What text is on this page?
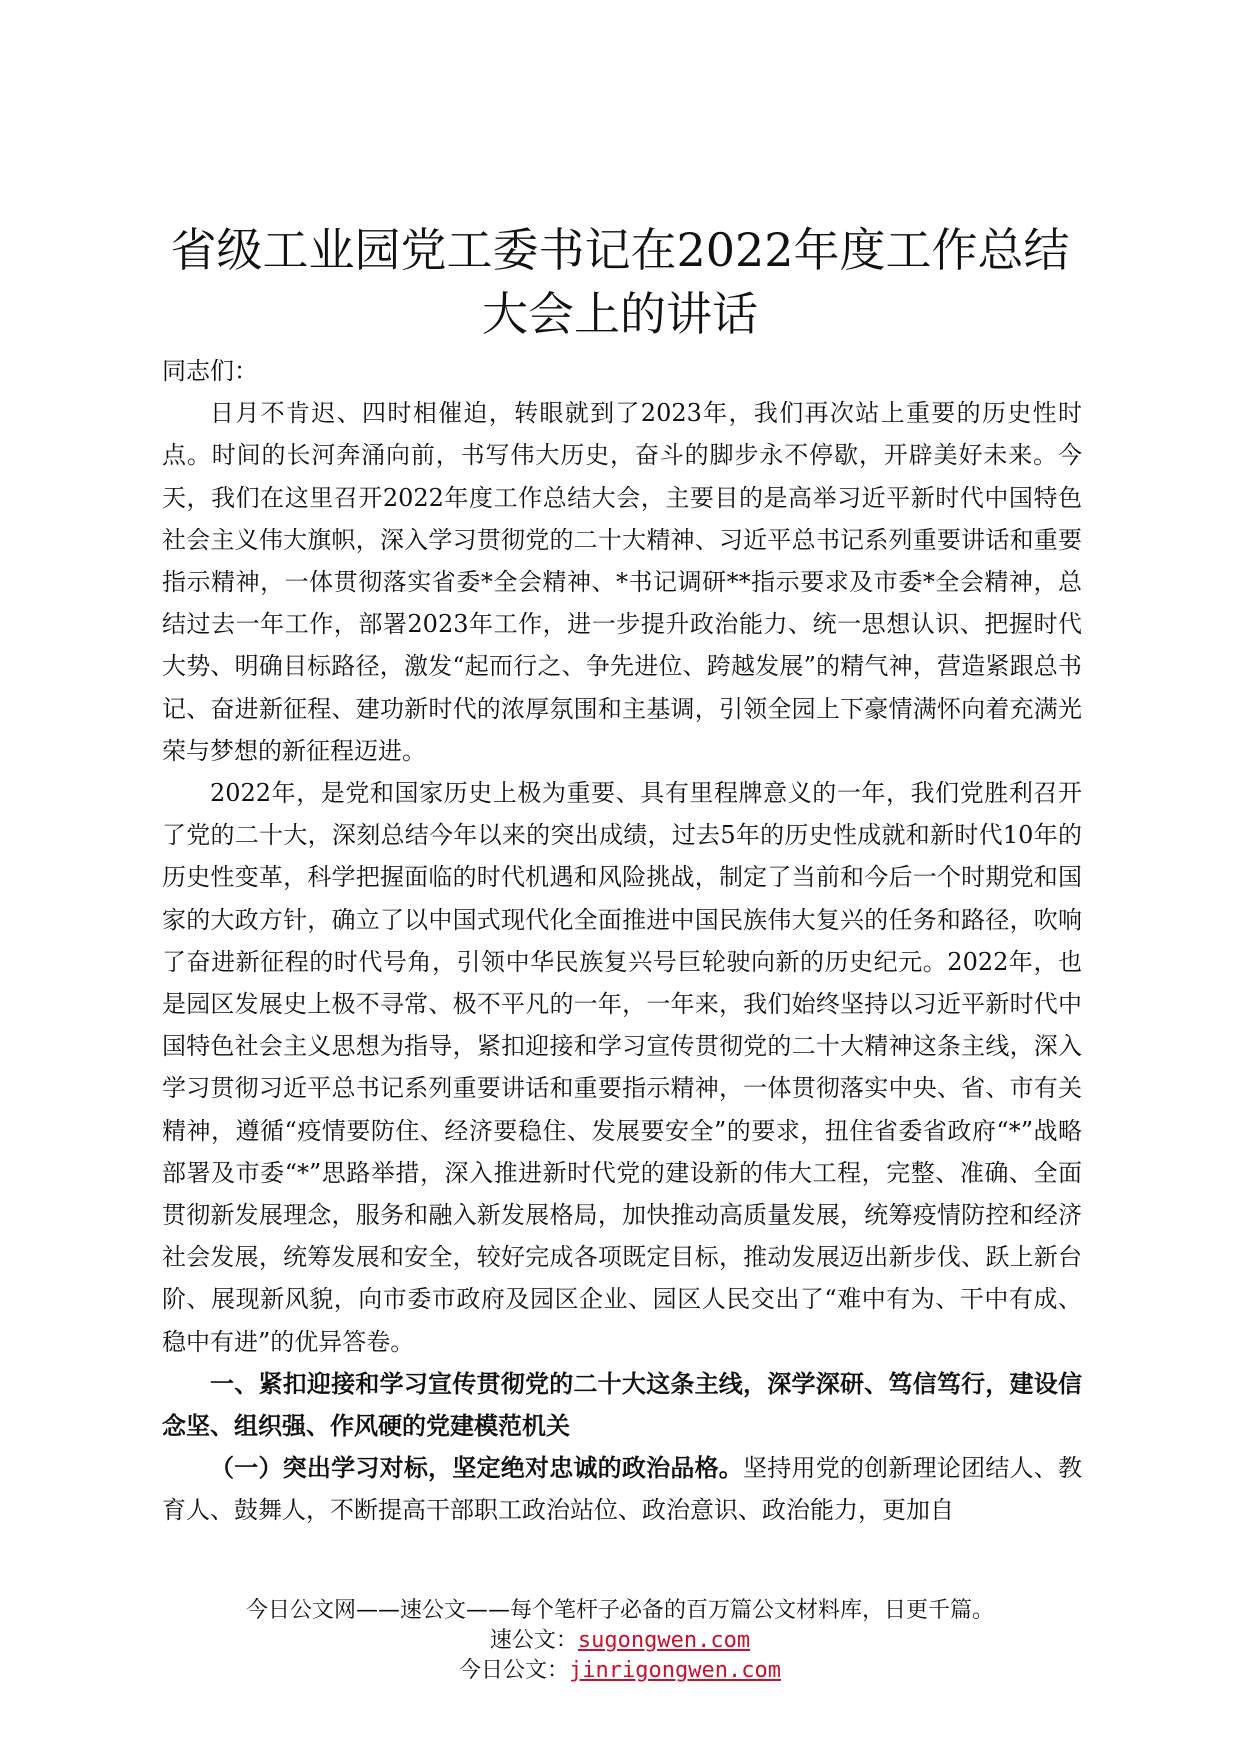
省级工业园党工委书记在2022年度工作总结
大会上的讲话

同志们：

日月不肯迟、四时相催迫，转眼就到了2023年，我们再次站上重要的历史性时点。时间的长河奔涌向前，书写伟大历史，奋斗的脚步永不停歇，开辟美好未来。今天，我们在这里召开2022年度工作总结大会，主要目的是高举习近平新时代中国特色社会主义伟大旗帜，深入学习贯彻党的二十大精神、习近平总书记系列重要讲话和重要指示精神，一体贯彻落实省委*全会精神、*书记调研**指示要求及市委*全会精神，总结过去一年工作，部署2023年工作，进一步提升政治能力、统一思想认识、把握时代大势、明确目标路径，激发“起而行之、争先进位、跨越发展”的精气神，营造紧跟总书记、奋进新征程、建功新时代的浓厚氛围和主基调，引领全园上下豪情满怀向着充满光荣与梦想的新征程迈进。

2022年，是党和国家历史上极为重要、具有里程牌意义的一年，我们党胜利召开了党的二十大，深刻总结今年以来的突出成绩，过去5年的历史性成就和新时代10年的历史性变革，科学把握面临的时代机遇和风险挑战，制定了当前和今后一个时期党和国家的大政方针，确立了以中国式现代化全面推进中国民族伟大复兴的任务和路径，吹响了奋进新征程的时代号角，引领中华民族复兴号巨轮驶向新的历史纪元。2022年，也是园区发展史上极不寻常、极不平凡的一年，一年来，我们始终坚持以习近平新时代中国特色社会主义思想为指导，紧扣迎接和学习宣传贯彻党的二十大精神这条主线，深入学习贯彻习近平总书记系列重要讲话和重要指示精神，一体贯彻落实中央、省、市有关精神，遵循“疫情要防住、经济要稳住、发展要安全”的要求，扭住省委省政府“*”战略部署及市委“*”思路举措，深入推进新时代党的建设新的伟大工程，完整、准确、全面贯彻新发展理念，服务和融入新发展格局，加快推动高质量发展，统筹疫情防控和经济社会发展，统筹发展和安全，较好完成各项既定目标，推动发展迈出新步伐、跃上新台阶、展现新风貌，向市委市政府及园区企业、园区人民交出了“难中有为、干中有成、稳中有进”的优异答卷。

一、紧扣迎接和学习宣传贯彻党的二十大这条主线，深学深研、笃信笃行，建设信念坚、组织强、作风硬的党建模范机关

（一）突出学习对标，坚定绝对忠诚的政治品格。坚持用党的创新理论团结人、教育人、鼓舞人，不断提高干部职工政治站位、政治意识、政治能力，更加自

今日公文网——速公文——每个笔杆子必备的百万篇公文材料库，日更千篇。
速公文：sugongwen.com
今日公文：jinrigongwen.com
